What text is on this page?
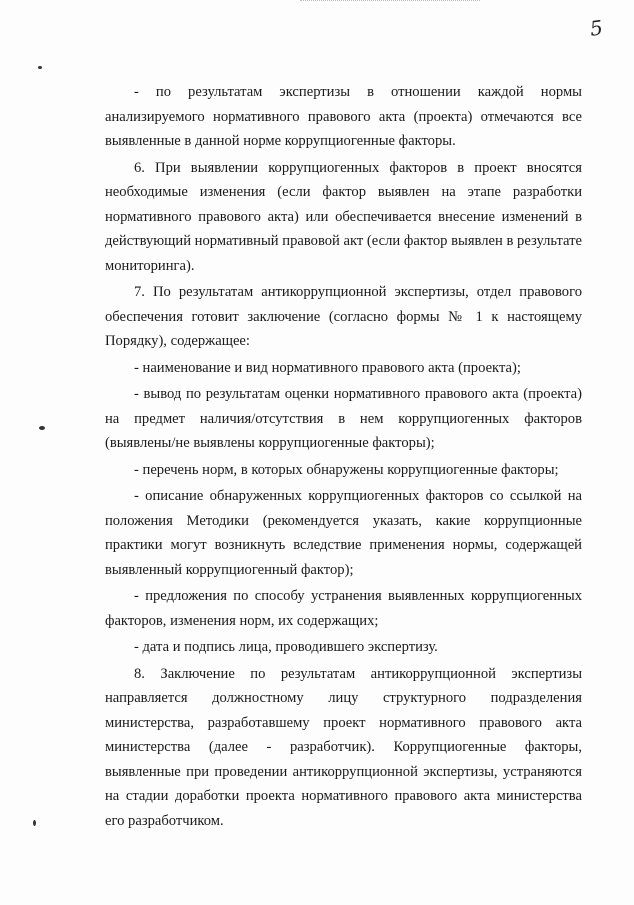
5

- по результатам экспертизы в отношении каждой нормы анализируемого нормативного правового акта (проекта) отмечаются все выявленные в данной норме коррупциогенные факторы.

6. При выявлении коррупциогенных факторов в проект вносятся необходимые изменения (если фактор выявлен на этапе разработки нормативного правового акта) или обеспечивается внесение изменений в действующий нормативный правовой акт (если фактор выявлен в результате мониторинга).

7. По результатам антикоррупционной экспертизы, отдел правового обеспечения готовит заключение (согласно формы № 1 к настоящему Порядку), содержащее:

- наименование и вид нормативного правового акта (проекта);

- вывод по результатам оценки нормативного правового акта (проекта) на предмет наличия/отсутствия в нем коррупциогенных факторов (выявлены/не выявлены коррупциогенные факторы);

- перечень норм, в которых обнаружены коррупциогенные факторы;

- описание обнаруженных коррупциогенных факторов со ссылкой на положения Методики (рекомендуется указать, какие коррупционные практики могут возникнуть вследствие применения нормы, содержащей выявленный коррупциогенный фактор);

- предложения по способу устранения выявленных коррупциогенных факторов, изменения норм, их содержащих;

- дата и подпись лица, проводившего экспертизу.

8. Заключение по результатам антикоррупционной экспертизы направляется должностному лицу структурного подразделения министерства, разработавшему проект нормативного правового акта министерства (далее - разработчик). Коррупциогенные факторы, выявленные при проведении антикоррупционной экспертизы, устраняются на стадии доработки проекта нормативного правового акта министерства его разработчиком.
